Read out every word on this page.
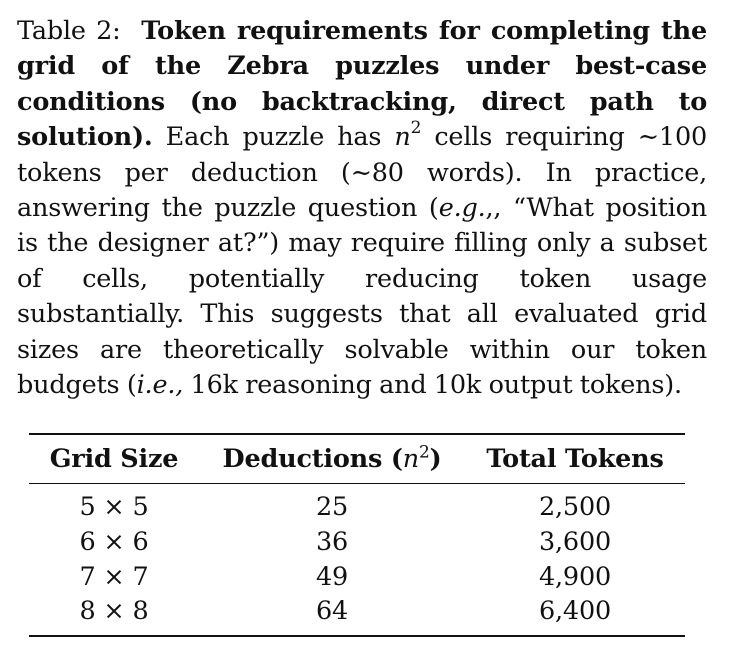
Table 2: Token requirements for completing the grid of the Zebra puzzles under best-case conditions (no backtracking, direct path to solution). Each puzzle has $n^2$ cells requiring ∼100 tokens per deduction (∼80 words). In practice, answering the puzzle question (e.g.,, “What position is the designer at?”) may require filling only a subset of cells, potentially reducing token usage substantially. This suggests that all evaluated grid sizes are theoretically solvable within our token budgets (i.e., 16k reasoning and 10k output tokens).
Grid Size	Deductions $(n^2)$	Total Tokens
5 × 5	25	2,500
6 × 6	36	3,600
7 × 7	49	4,900
8 × 8	64	6,400
